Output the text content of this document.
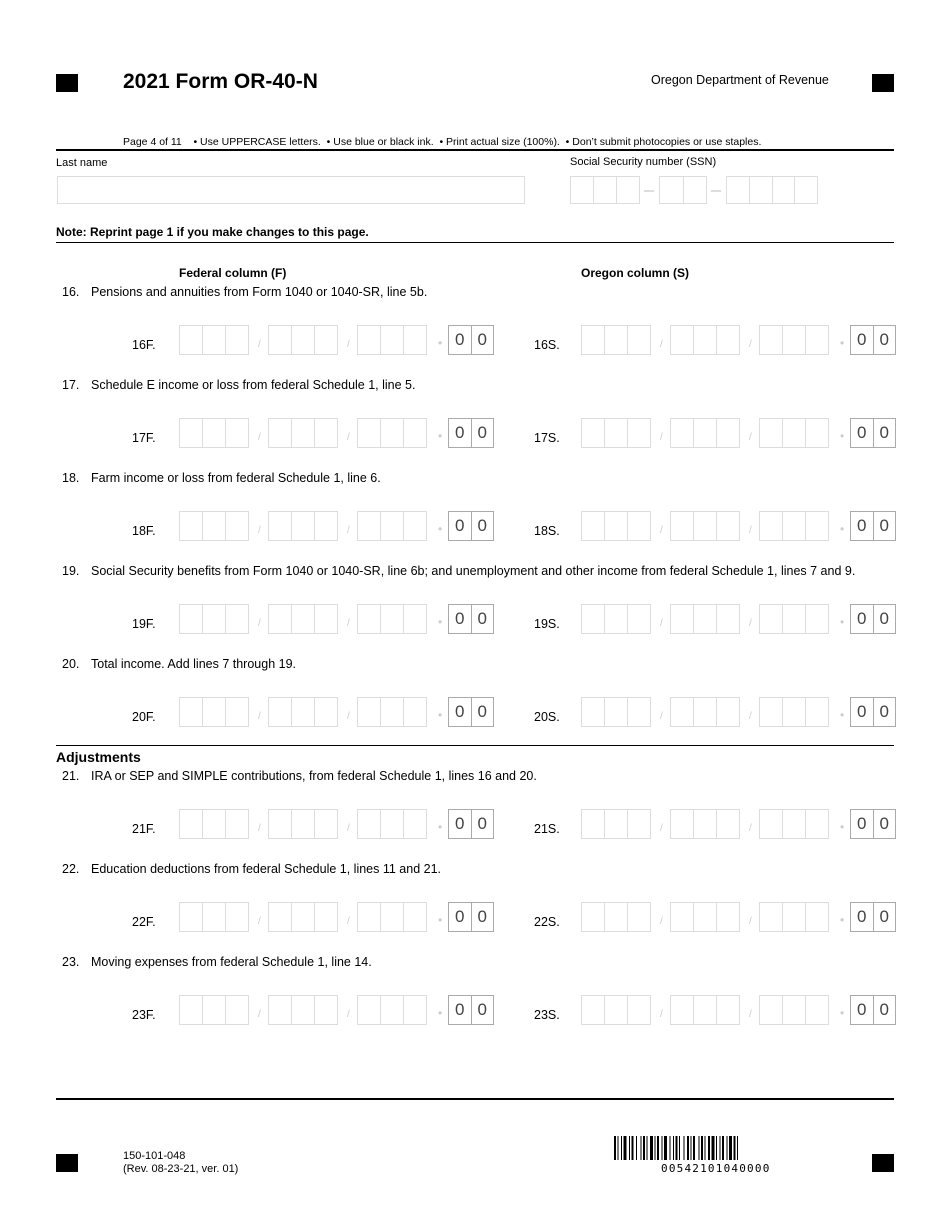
2021 Form OR-40-N	Oregon Department of Revenue
Page 4 of 11    • Use UPPERCASE letters.  • Use blue or black ink.  • Print actual size (100%).  • Don’t submit photocopies or use staples.
Last name	Social Security number (SSN)
Note: Reprint page 1 if you make changes to this page.
Federal column (F)	Oregon column (S)
16. Pensions and annuities from Form 1040 or 1040-SR, line 5b.
16F.	/	/	• 0 0	16S.	/	/	• 0 0
17. Schedule E income or loss from federal Schedule 1, line 5.
17F.	/	/	• 0 0	17S.	/	/	• 0 0
18. Farm income or loss from federal Schedule 1, line 6.
18F.	/	/	• 0 0	18S.	/	/	• 0 0
19. Social Security benefits from Form 1040 or 1040-SR, line 6b; and unemployment and other income from federal Schedule 1, lines 7 and 9.
19F.	/	/	• 0 0	19S.	/	/	• 0 0
20. Total income. Add lines 7 through 19.
20F.	/	/	• 0 0	20S.	/	/	• 0 0
21. IRA or SEP and SIMPLE contributions, from federal Schedule 1, lines 16 and 20.
21F.	/	/	• 0 0	21S.	/	/	• 0 0
22. Education deductions from federal Schedule 1, lines 11 and 21.
22F.	/	/	• 0 0	22S.	/	/	• 0 0
23. Moving expenses from federal Schedule 1, line 14.
23F.	/	/	• 0 0	23S.	/	/	• 0 0
Adjustments
150-101-048
(Rev. 08-23-21, ver. 01)	00542101040000
